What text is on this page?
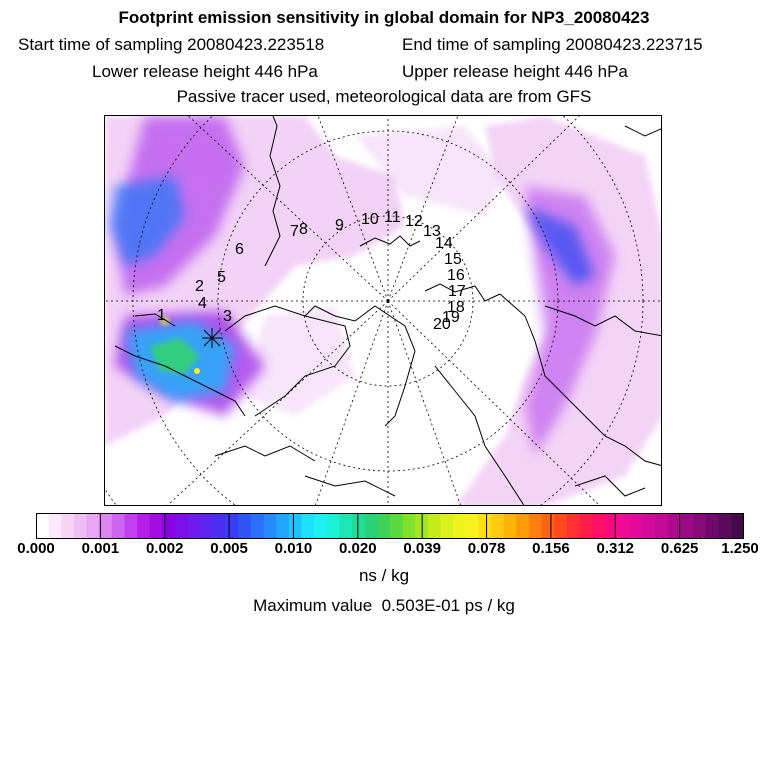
Footprint emission sensitivity in global domain for NP3_20080423
Start time of sampling 20080423.223518	End time of sampling 20080423.223715
Lower release height 446 hPa	Upper release height 446 hPa
Passive tracer used, meteorological data are from GFS
1
2
3
4
5
6
7 8 9 10 11 12
13
14
15
16
17
18
19
20
0.000 0.001 0.002 0.005 0.010 0.020 0.039 0.078 0.156 0.312 0.625 1.250
ns / kg
Maximum value  0.503E-01 ps / kg
